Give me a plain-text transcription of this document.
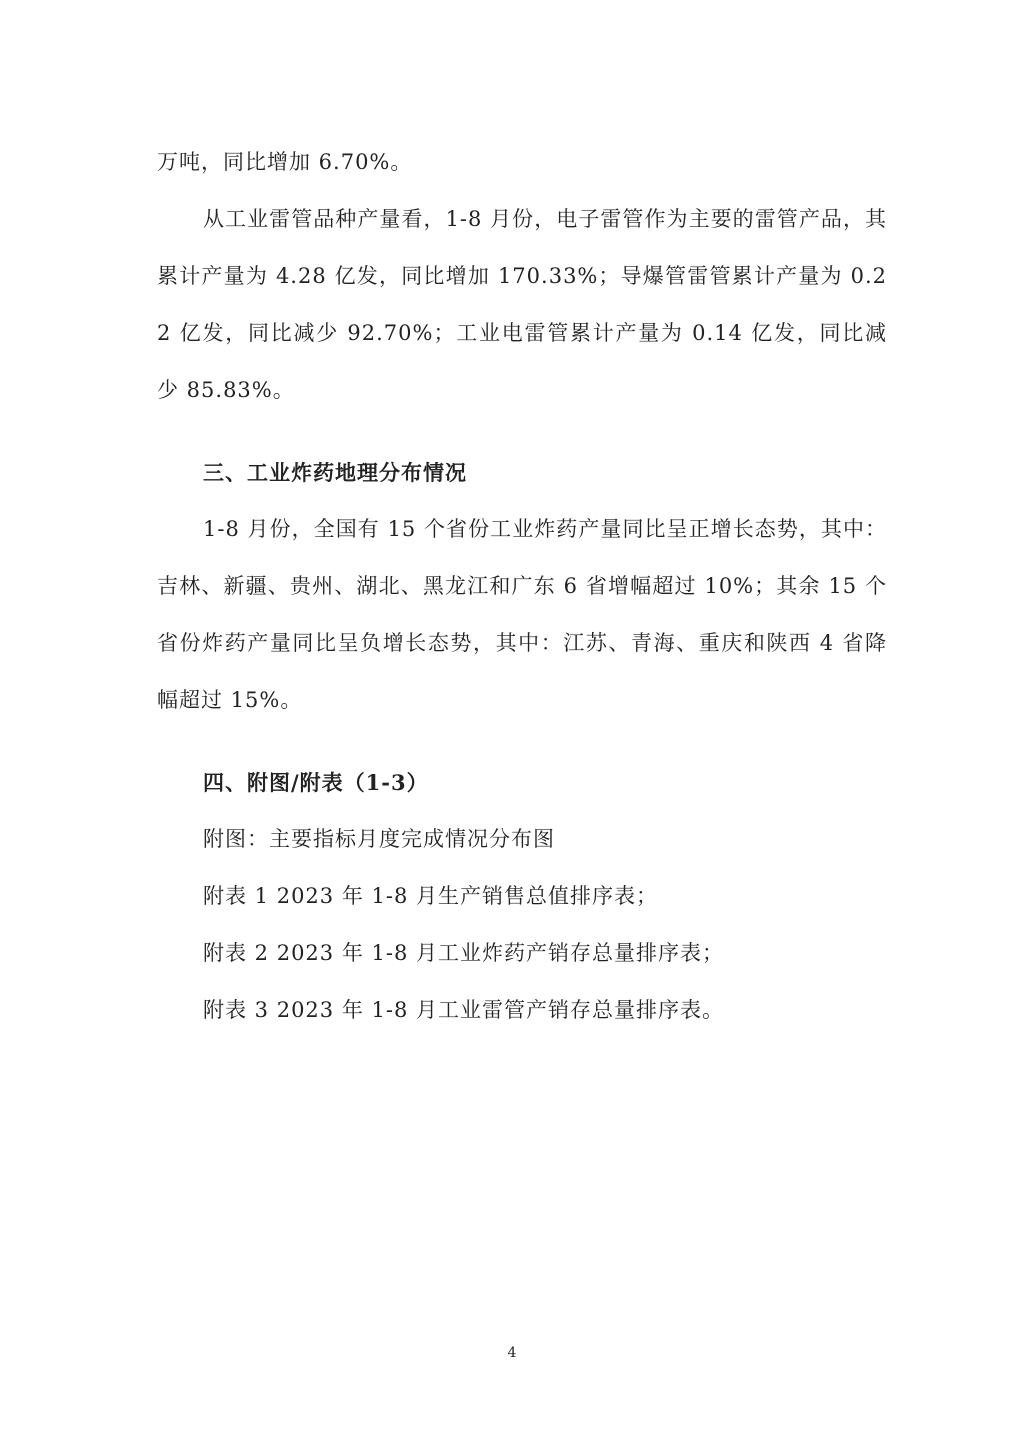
万吨，同比增加 6.70%。

从工业雷管品种产量看，1-8 月份，电子雷管作为主要的雷管产品，其累计产量为 4.28 亿发，同比增加 170.33%；导爆管雷管累计产量为 0.22 亿发，同比减少 92.70%；工业电雷管累计产量为 0.14 亿发，同比减少 85.83%。

三、工业炸药地理分布情况

1-8 月份，全国有 15 个省份工业炸药产量同比呈正增长态势，其中：吉林、新疆、贵州、湖北、黑龙江和广东 6 省增幅超过 10%；其余 15 个省份炸药产量同比呈负增长态势，其中：江苏、青海、重庆和陕西 4 省降幅超过 15%。

四、附图/附表（1-3）

附图：主要指标月度完成情况分布图

附表 1 2023 年 1-8 月生产销售总值排序表；

附表 2 2023 年 1-8 月工业炸药产销存总量排序表；

附表 3 2023 年 1-8 月工业雷管产销存总量排序表。

4
